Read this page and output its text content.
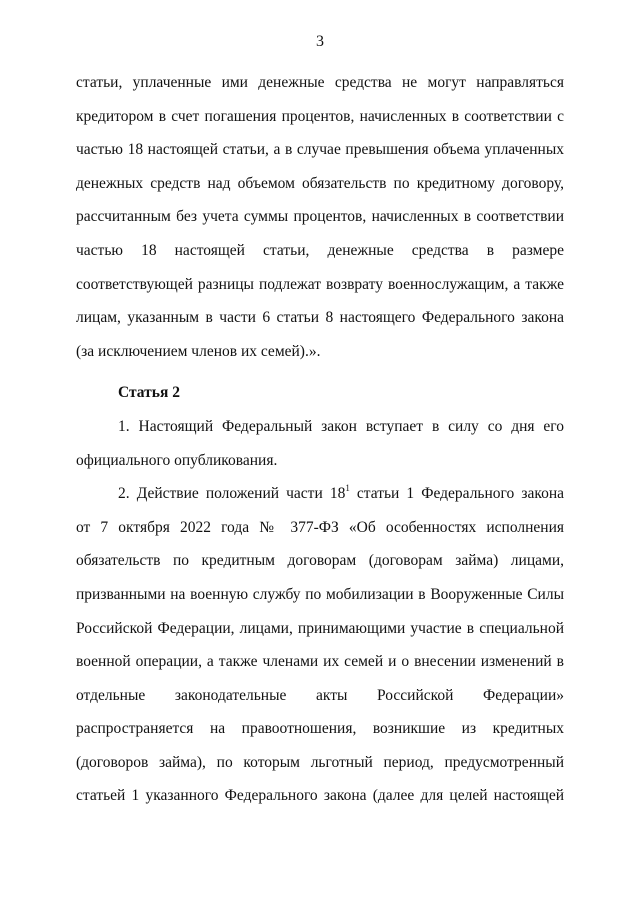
3
статьи, уплаченные ими денежные средства не могут направляться
кредитором в счет погашения процентов, начисленных в соответствии с
частью 18 настоящей статьи, а в случае превышения объема уплаченных
денежных средств над объемом обязательств по кредитному договору,
рассчитанным без учета суммы процентов, начисленных в соответствии
частью 18 настоящей статьи, денежные средства в размере
соответствующей разницы подлежат возврату военнослужащим, а также
лицам, указанным в части 6 статьи 8 настоящего Федерального закона
(за исключением членов их семей).».
Статья 2
1. Настоящий Федеральный закон вступает в силу со дня его
официального опубликования.
2. Действие положений части $18^1$ статьи 1 Федерального закона
от 7 октября 2022 года № 377-ФЗ «Об особенностях исполнения
обязательств по кредитным договорам (договорам займа) лицами,
призванными на военную службу по мобилизации в Вооруженные Силы
Российской Федерации, лицами, принимающими участие в специальной
военной операции, а также членами их семей и о внесении изменений в
отдельные законодательные акты Российской Федерации»
распространяется на правоотношения, возникшие из кредитных
(договоров займа), по которым льготный период, предусмотренный
статьей 1 указанного Федерального закона (далее для целей настоящей
